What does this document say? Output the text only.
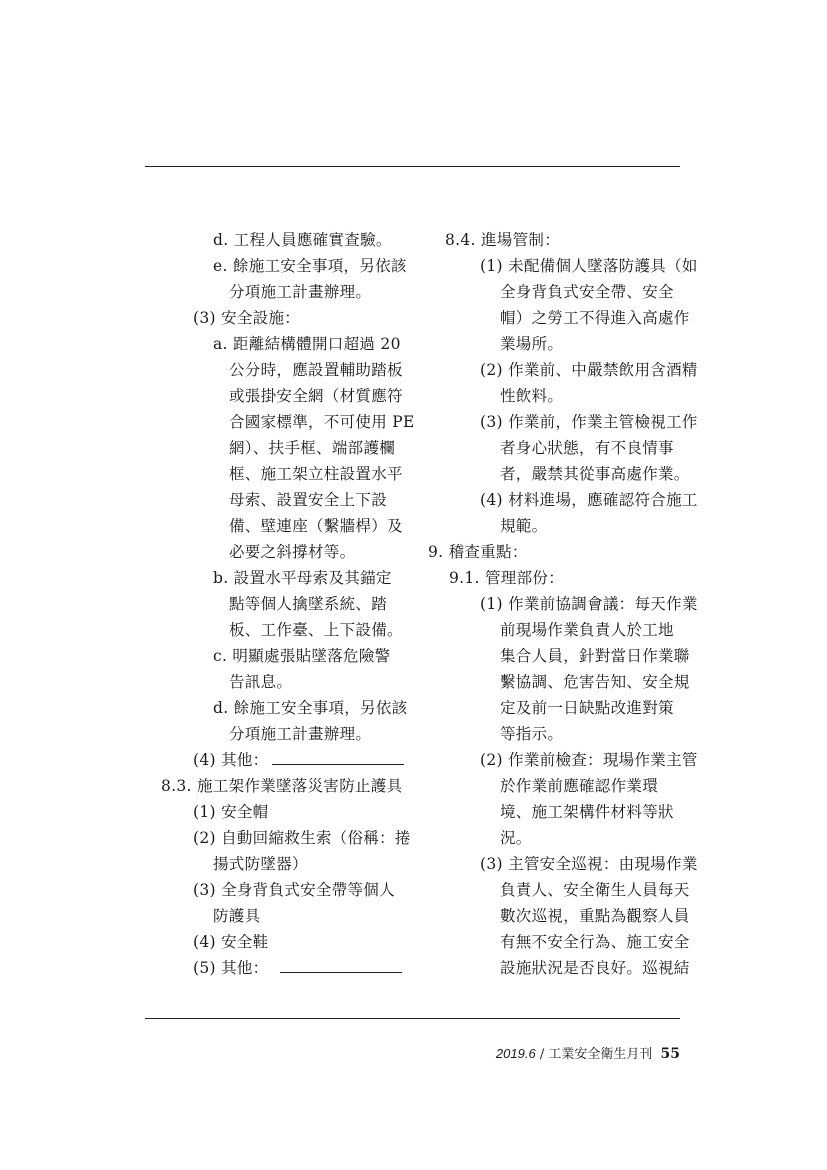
d. 工程人員應確實查驗。
e. 餘施工安全事項，另依該
分項施工計畫辦理。
(3) 安全設施：
a. 距離結構體開口超過 20
公分時，應設置輔助踏板
或張掛安全網（材質應符
合國家標準，不可使用 PE
網）、扶手框、端部護欄
框、施工架立柱設置水平
母索、設置安全上下設
備、壁連座（繫牆桿）及
必要之斜撐材等。
b. 設置水平母索及其錨定
點等個人擒墜系統、踏
板、工作臺、上下設備。
c. 明顯處張貼墜落危險警
告訊息。
d. 餘施工安全事項，另依該
分項施工計畫辦理。
(4) 其他：
8.3. 施工架作業墜落災害防止護具
(1) 安全帽
(2) 自動回縮救生索（俗稱：捲
揚式防墜器）
(3) 全身背負式安全帶等個人
防護具
(4) 安全鞋
(5) 其他：
8.4. 進場管制：
(1) 未配備個人墜落防護具（如
全身背負式安全帶、安全
帽）之勞工不得進入高處作
業場所。
(2) 作業前、中嚴禁飲用含酒精
性飲料。
(3) 作業前，作業主管檢視工作
者身心狀態，有不良情事
者，嚴禁其從事高處作業。
(4) 材料進場，應確認符合施工
規範。
9. 稽查重點：
9.1. 管理部份：
(1) 作業前協調會議：每天作業
前現場作業負責人於工地
集合人員，針對當日作業聯
繫協調、危害告知、安全規
定及前一日缺點改進對策
等指示。
(2) 作業前檢查：現場作業主管
於作業前應確認作業環
境、施工架構件材料等狀
況。
(3) 主管安全巡視：由現場作業
負責人、安全衛生人員每天
數次巡視，重點為觀察人員
有無不安全行為、施工安全
設施狀況是否良好。巡視結
2019.6 / 工業安全衛生月刊 55
